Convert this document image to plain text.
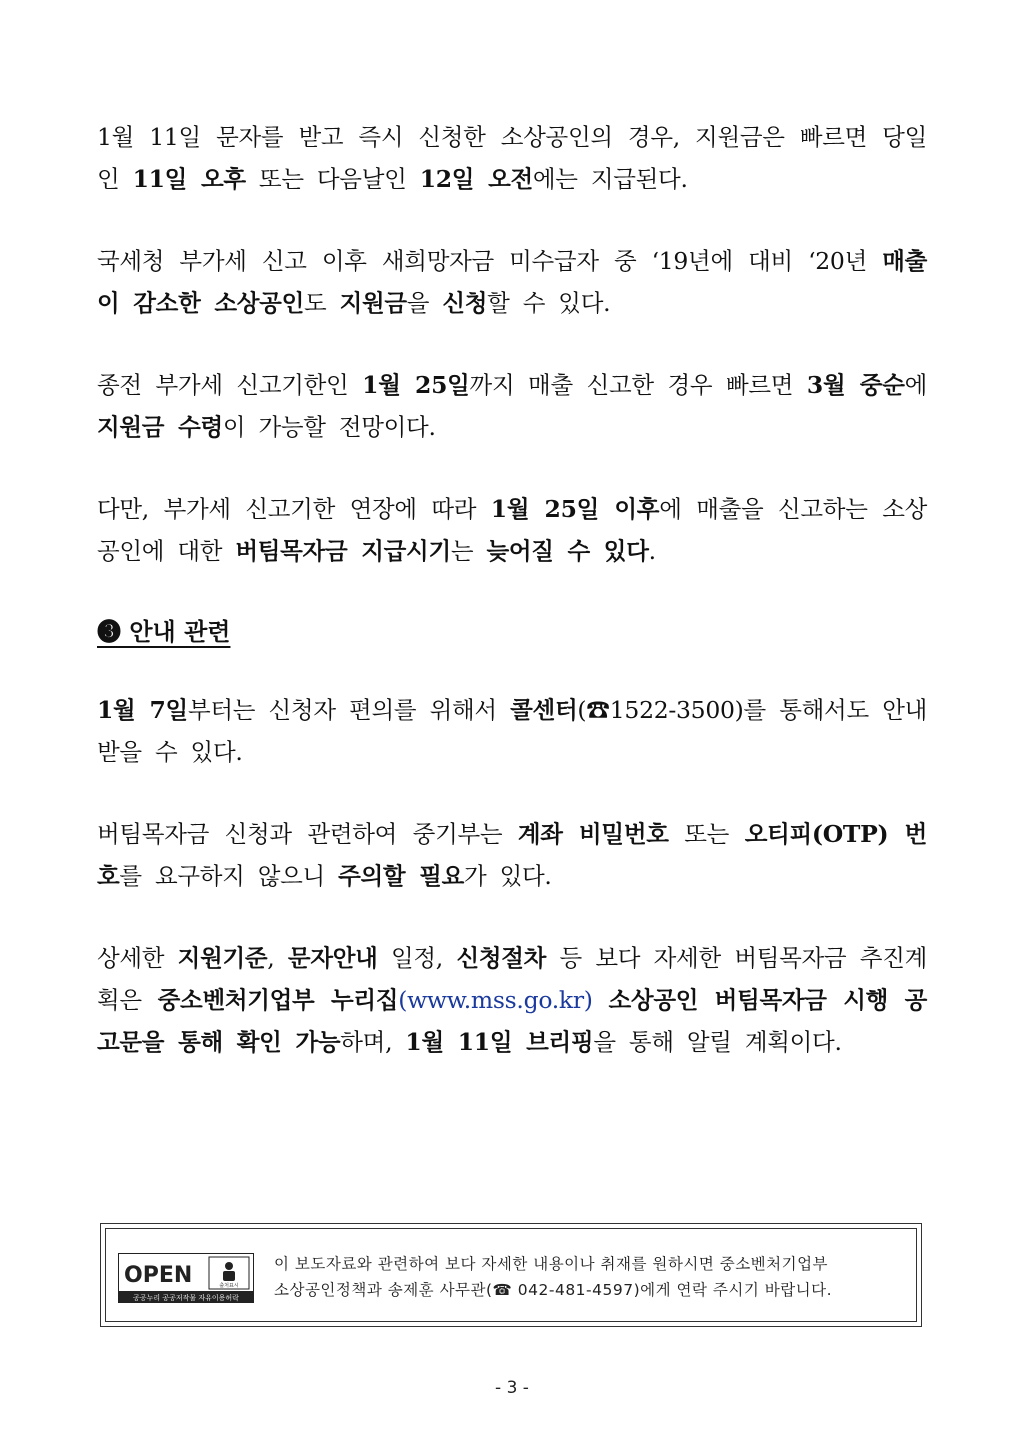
1월 11일 문자를 받고 즉시 신청한 소상공인의 경우, 지원금은 빠르면 당일인 11일 오후 또는 다음날인 12일 오전에는 지급된다.
국세청 부가세 신고 이후 새희망자금 미수급자 중 ‘19년에 대비 ‘20년 매출이 감소한 소상공인도 지원금을 신청할 수 있다.
종전 부가세 신고기한인 1월 25일까지 매출 신고한 경우 빠르면 3월 중순에 지원금 수령이 가능할 전망이다.
다만, 부가세 신고기한 연장에 따라 1월 25일 이후에 매출을 신고하는 소상공인에 대한 버팀목자금 지급시기는 늦어질 수 있다.
❸ 안내 관련
1월 7일부터는 신청자 편의를 위해서 콜센터(☎1522-3500)를 통해서도 안내받을 수 있다.
버팀목자금 신청과 관련하여 중기부는 계좌 비밀번호 또는 오티피(OTP) 번호를 요구하지 않으니 주의할 필요가 있다.
상세한 지원기준, 문자안내 일정, 신청절차 등 보다 자세한 버팀목자금 추진계획은 중소벤처기업부 누리집(www.mss.go.kr) 소상공인 버팀목자금 시행 공고문을 통해 확인 가능하며, 1월 11일 브리핑을 통해 알릴 계획이다.
OPEN	출처표시
공공누리 공공저작물 자유이용허락
이 보도자료와 관련하여 보다 자세한 내용이나 취재를 원하시면 중소벤처기업부
소상공인정책과 송제훈 사무관(☎ 042-481-4597)에게 연락 주시기 바랍니다.
- 3 -
